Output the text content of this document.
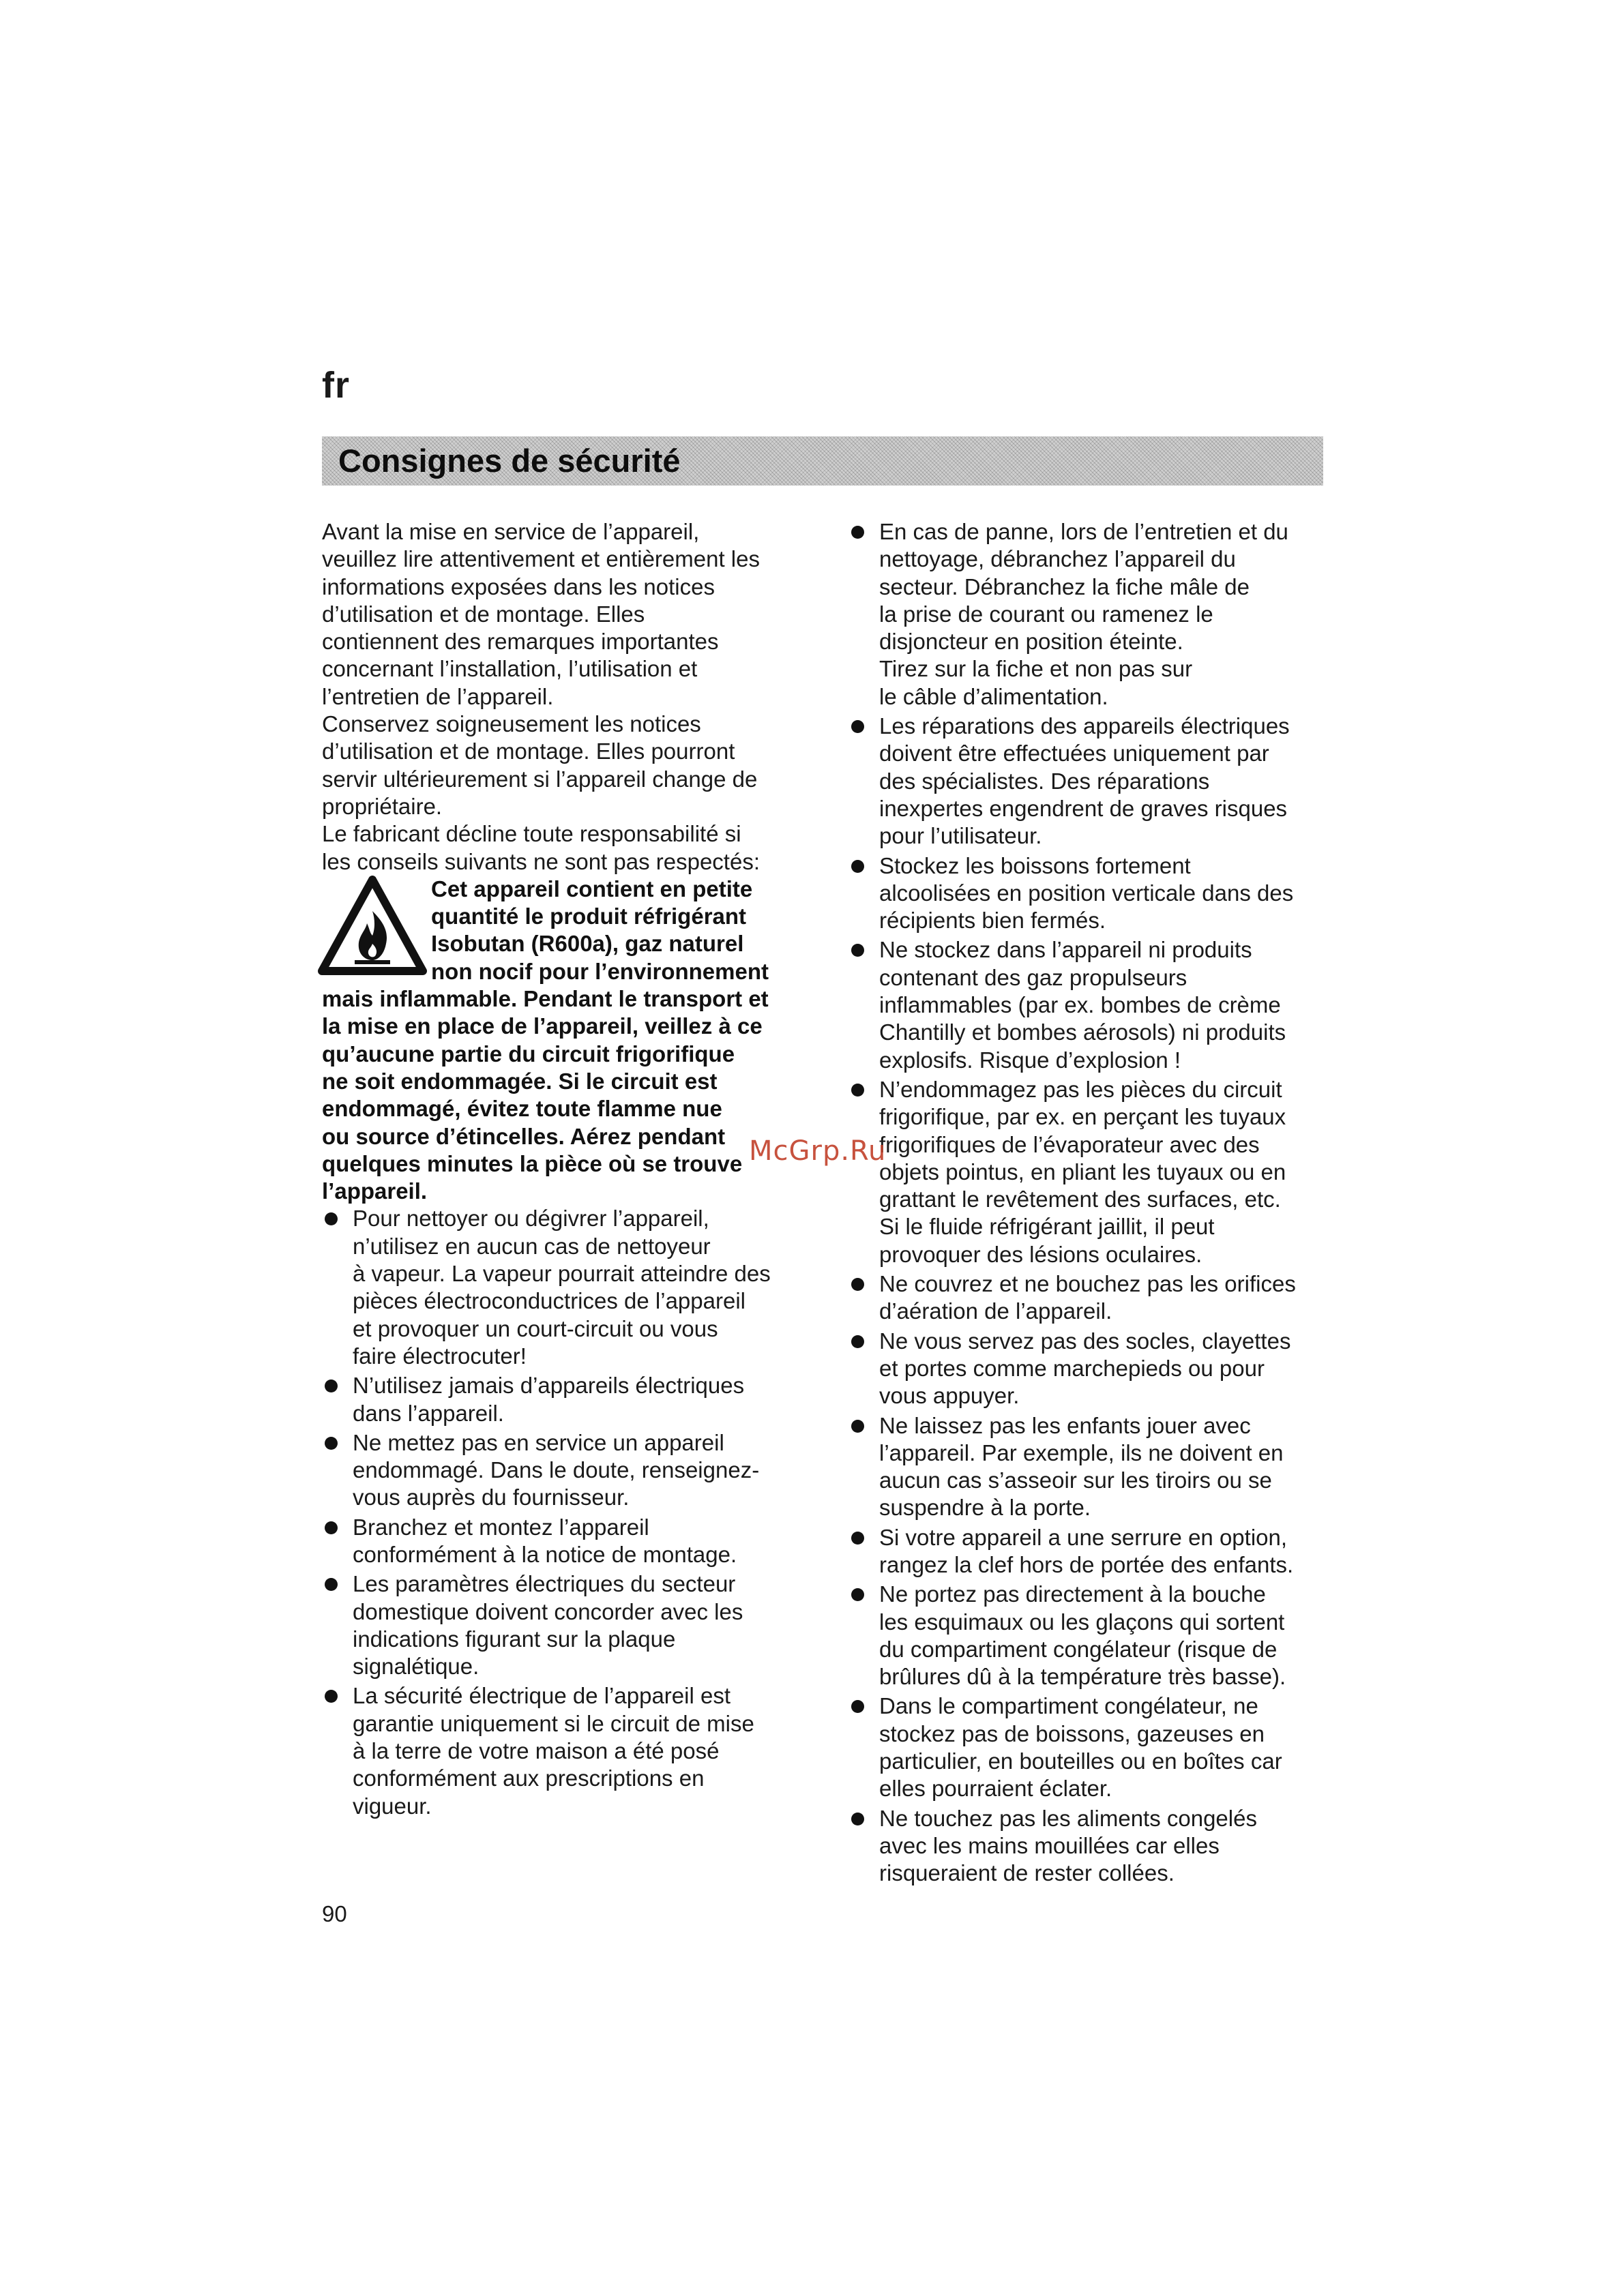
fr
Consignes de sécurité

Avant la mise en service de l’appareil,
veuillez lire attentivement et entièrement les
informations exposées dans les notices
d’utilisation et de montage. Elles
contiennent des remarques importantes
concernant l’installation, l’utilisation et
l’entretien de l’appareil.

Conservez soigneusement les notices
d’utilisation et de montage. Elles pourront
servir ultérieurement si l’appareil change de
propriétaire.

Le fabricant décline toute responsabilité si
les conseils suivants ne sont pas respectés:

Cet appareil contient en petite
quantité le produit réfrigérant
Isobutan (R600a), gaz naturel
non nocif pour l’environnement
mais inflammable. Pendant le transport et
la mise en place de l’appareil, veillez à ce
qu’aucune partie du circuit frigorifique
ne soit endommagée. Si le circuit est
endommagé, évitez toute flamme nue
ou source d’étincelles. Aérez pendant
quelques minutes la pièce où se trouve
l’appareil.
Pour nettoyer ou dégivrer l’appareil,
n’utilisez en aucun cas de nettoyeur
à vapeur. La vapeur pourrait atteindre des
pièces électroconductrices de l’appareil
et provoquer un court-circuit ou vous
faire électrocuter!
N’utilisez jamais d’appareils électriques
dans l’appareil.
Ne mettez pas en service un appareil
endommagé. Dans le doute, renseignez-
vous auprès du fournisseur.
Branchez et montez l’appareil
conformément à la notice de montage.
Les paramètres électriques du secteur
domestique doivent concorder avec les
indications figurant sur la plaque
signalétique.
La sécurité électrique de l’appareil est
garantie uniquement si le circuit de mise
à la terre de votre maison a été posé
conformément aux prescriptions en
vigueur.
En cas de panne, lors de l’entretien et du
nettoyage, débranchez l’appareil du
secteur. Débranchez la fiche mâle de
la prise de courant ou ramenez le
disjoncteur en position éteinte.
Tirez sur la fiche et non pas sur
le câble d’alimentation.
Les réparations des appareils électriques
doivent être effectuées uniquement par
des spécialistes. Des réparations
inexpertes engendrent de graves risques
pour l’utilisateur.
Stockez les boissons fortement
alcoolisées en position verticale dans des
récipients bien fermés.
Ne stockez dans l’appareil ni produits
contenant des gaz propulseurs
inflammables (par ex. bombes de crème
Chantilly et bombes aérosols) ni produits
explosifs. Risque d’explosion !
N’endommagez pas les pièces du circuit
frigorifique, par ex. en perçant les tuyaux
frigorifiques de l’évaporateur avec des
objets pointus, en pliant les tuyaux ou en
grattant le revêtement des surfaces, etc.
Si le fluide réfrigérant jaillit, il peut
provoquer des lésions oculaires.
Ne couvrez et ne bouchez pas les orifices
d’aération de l’appareil.
Ne vous servez pas des socles, clayettes
et portes comme marchepieds ou pour
vous appuyer.
Ne laissez pas les enfants jouer avec
l’appareil. Par exemple, ils ne doivent en
aucun cas s’asseoir sur les tiroirs ou se
suspendre à la porte.
Si votre appareil a une serrure en option,
rangez la clef hors de portée des enfants.
Ne portez pas directement à la bouche
les esquimaux ou les glaçons qui sortent
du compartiment congélateur (risque de
brûlures dû à la température très basse).
Dans le compartiment congélateur, ne
stockez pas de boissons, gazeuses en
particulier, en bouteilles ou en boîtes car
elles pourraient éclater.
Ne touchez pas les aliments congelés
avec les mains mouillées car elles
risqueraient de rester collées.
McGrp.Ru
90
